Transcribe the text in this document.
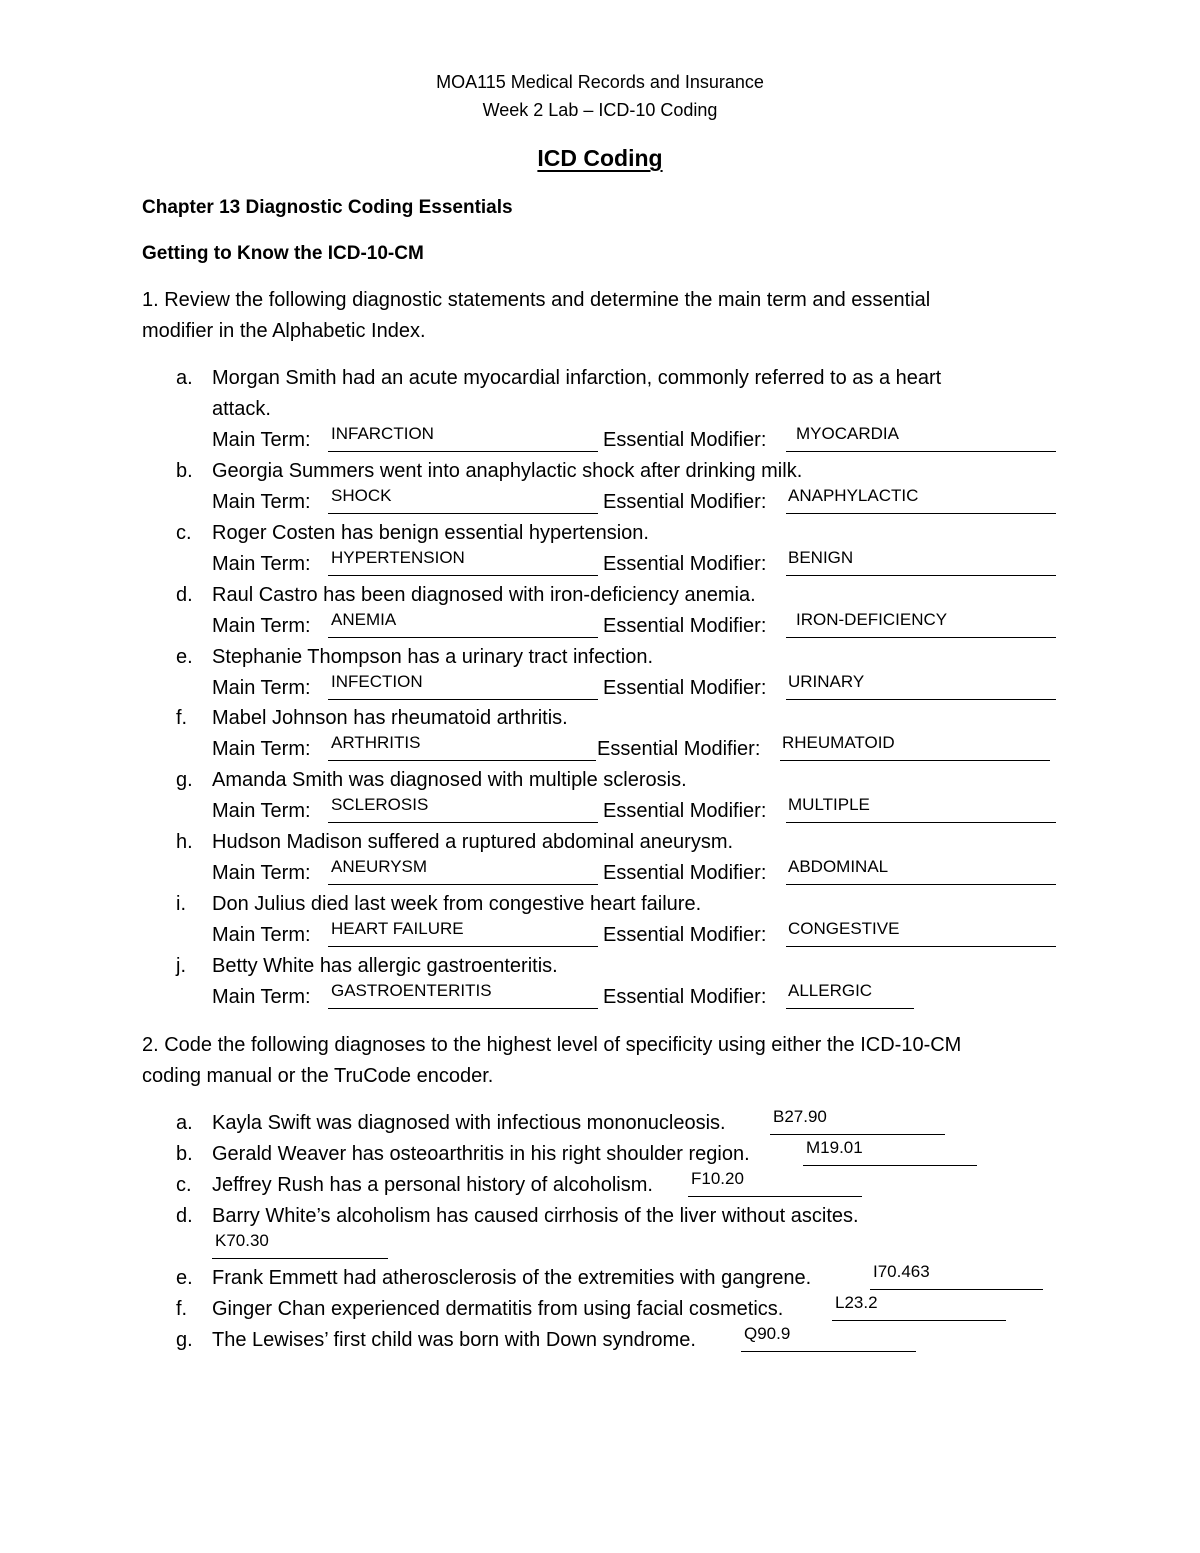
MOA115 Medical Records and Insurance
Week 2 Lab – ICD-10 Coding
ICD Coding
Chapter 13 Diagnostic Coding Essentials
Getting to Know the ICD-10-CM
1. Review the following diagnostic statements and determine the main term and essential
modifier in the Alphabetic Index.
a. Morgan Smith had an acute myocardial infarction, commonly referred to as a heart
attack.
Main Term: INFARCTION	Essential Modifier: MYOCARDIA
b. Georgia Summers went into anaphylactic shock after drinking milk.
Main Term: SHOCK	Essential Modifier: ANAPHYLACTIC
c. Roger Costen has benign essential hypertension.
Main Term: HYPERTENSION	Essential Modifier: BENIGN
d. Raul Castro has been diagnosed with iron-deficiency anemia.
Main Term: ANEMIA	Essential Modifier: IRON-DEFICIENCY
e. Stephanie Thompson has a urinary tract infection.
Main Term: INFECTION	Essential Modifier: URINARY
f. Mabel Johnson has rheumatoid arthritis.
Main Term: ARTHRITIS	Essential Modifier: RHEUMATOID
g. Amanda Smith was diagnosed with multiple sclerosis.
Main Term: SCLEROSIS	Essential Modifier: MULTIPLE
h. Hudson Madison suffered a ruptured abdominal aneurysm.
Main Term: ANEURYSM	Essential Modifier: ABDOMINAL
i. Don Julius died last week from congestive heart failure.
Main Term: HEART FAILURE	Essential Modifier: CONGESTIVE
j. Betty White has allergic gastroenteritis.
Main Term: GASTROENTERITIS	Essential Modifier: ALLERGIC
2. Code the following diagnoses to the highest level of specificity using either the ICD-10-CM
coding manual or the TruCode encoder.
a. Kayla Swift was diagnosed with infectious mononucleosis.	B27.90
b. Gerald Weaver has osteoarthritis in his right shoulder region.	M19.01
c. Jeffrey Rush has a personal history of alcoholism. F10.20
d. Barry White’s alcoholism has caused cirrhosis of the liver without ascites.
K70.30
e. Frank Emmett had atherosclerosis of the extremities with gangrene.	I70.463
f. Ginger Chan experienced dermatitis from using facial cosmetics.	L23.2
g. The Lewises’ first child was born with Down syndrome.	Q90.9
